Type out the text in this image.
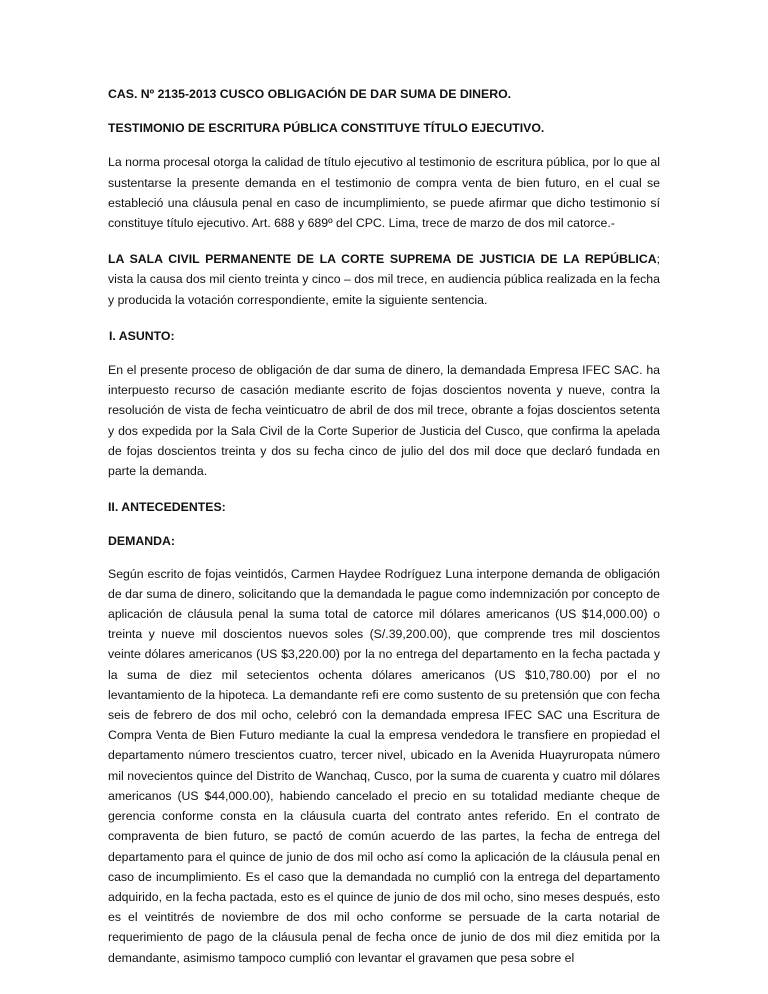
CAS. Nº 2135-2013 CUSCO OBLIGACIÓN DE DAR SUMA DE DINERO.

TESTIMONIO DE ESCRITURA PÚBLICA CONSTITUYE TÍTULO EJECUTIVO.

La norma procesal otorga la calidad de título ejecutivo al testimonio de escritura pública, por lo que al sustentarse la presente demanda en el testimonio de compra venta de bien futuro, en el cual se estableció una cláusula penal en caso de incumplimiento, se puede afirmar que dicho testimonio sí constituye título ejecutivo. Art. 688 y 689º del CPC. Lima, trece de marzo de dos mil catorce.-

LA SALA CIVIL PERMANENTE DE LA CORTE SUPREMA DE JUSTICIA DE LA REPÚBLICA; vista la causa dos mil ciento treinta y cinco – dos mil trece, en audiencia pública realizada en la fecha y producida la votación correspondiente, emite la siguiente sentencia.

I. ASUNTO:

En el presente proceso de obligación de dar suma de dinero, la demandada Empresa IFEC SAC. ha interpuesto recurso de casación mediante escrito de fojas doscientos noventa y nueve, contra la resolución de vista de fecha veinticuatro de abril de dos mil trece, obrante a fojas doscientos setenta y dos expedida por la Sala Civil de la Corte Superior de Justicia del Cusco, que confirma la apelada de fojas doscientos treinta y dos su fecha cinco de julio del dos mil doce que declaró fundada en parte la demanda.

II. ANTECEDENTES:

DEMANDA:

Según escrito de fojas veintidós, Carmen Haydee Rodríguez Luna interpone demanda de obligación de dar suma de dinero, solicitando que la demandada le pague como indemnización por concepto de aplicación de cláusula penal la suma total de catorce mil dólares americanos (US $14,000.00) o treinta y nueve mil doscientos nuevos soles (S/.39,200.00), que comprende tres mil doscientos veinte dólares americanos (US $3,220.00) por la no entrega del departamento en la fecha pactada y la suma de diez mil setecientos ochenta dólares americanos (US $10,780.00) por el no levantamiento de la hipoteca. La demandante refi ere como sustento de su pretensión que con fecha seis de febrero de dos mil ocho, celebró con la demandada empresa IFEC SAC una Escritura de Compra Venta de Bien Futuro mediante la cual la empresa vendedora le transfiere en propiedad el departamento número trescientos cuatro, tercer nivel, ubicado en la Avenida Huayruropata número mil novecientos quince del Distrito de Wanchaq, Cusco, por la suma de cuarenta y cuatro mil dólares americanos (US $44,000.00), habiendo cancelado el precio en su totalidad mediante cheque de gerencia conforme consta en la cláusula cuarta del contrato antes referido. En el contrato de compraventa de bien futuro, se pactó de común acuerdo de las partes, la fecha de entrega del departamento para el quince de junio de dos mil ocho así como la aplicación de la cláusula penal en caso de incumplimiento. Es el caso que la demandada no cumplió con la entrega del departamento adquirido, en la fecha pactada, esto es el quince de junio de dos mil ocho, sino meses después, esto es el veintitrés de noviembre de dos mil ocho conforme se persuade de la carta notarial de requerimiento de pago de la cláusula penal de fecha once de junio de dos mil diez emitida por la demandante, asimismo tampoco cumplió con levantar el gravamen que pesa sobre el
